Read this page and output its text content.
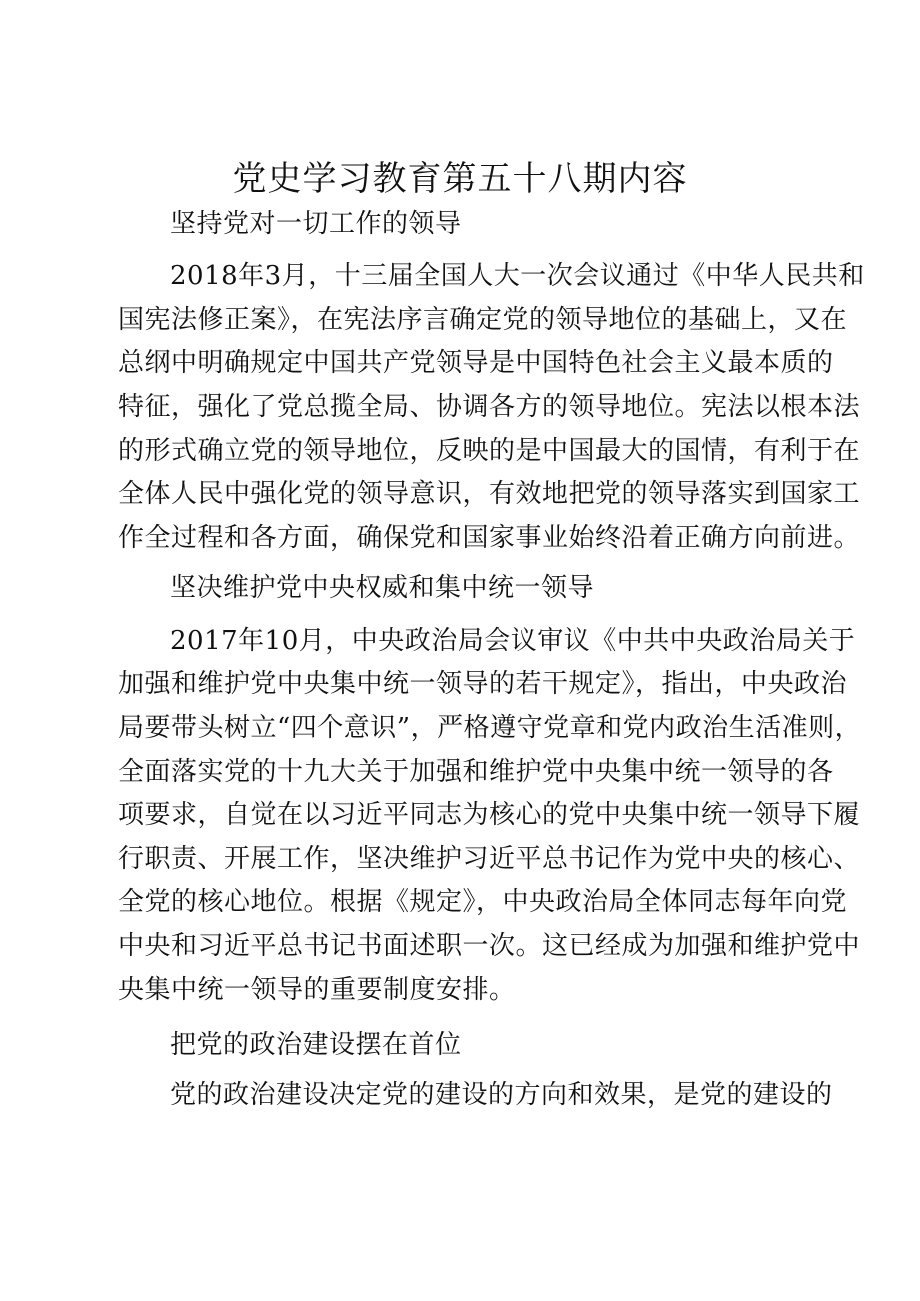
党史学习教育第五十八期内容
坚持党对一切工作的领导
2018年3月，十三届全国人大一次会议通过《中华人民共和
国宪法修正案》，在宪法序言确定党的领导地位的基础上，又在
总纲中明确规定中国共产党领导是中国特色社会主义最本质的
特征，强化了党总揽全局、协调各方的领导地位。宪法以根本法
的形式确立党的领导地位，反映的是中国最大的国情，有利于在
全体人民中强化党的领导意识，有效地把党的领导落实到国家工
作全过程和各方面，确保党和国家事业始终沿着正确方向前进。
坚决维护党中央权威和集中统一领导
2017年10月，中央政治局会议审议《中共中央政治局关于
加强和维护党中央集中统一领导的若干规定》，指出，中央政治
局要带头树立“四个意识”，严格遵守党章和党内政治生活准则，
全面落实党的十九大关于加强和维护党中央集中统一领导的各
项要求，自觉在以习近平同志为核心的党中央集中统一领导下履
行职责、开展工作，坚决维护习近平总书记作为党中央的核心、
全党的核心地位。根据《规定》，中央政治局全体同志每年向党
中央和习近平总书记书面述职一次。这已经成为加强和维护党中
央集中统一领导的重要制度安排。
把党的政治建设摆在首位
党的政治建设决定党的建设的方向和效果，是党的建设的
